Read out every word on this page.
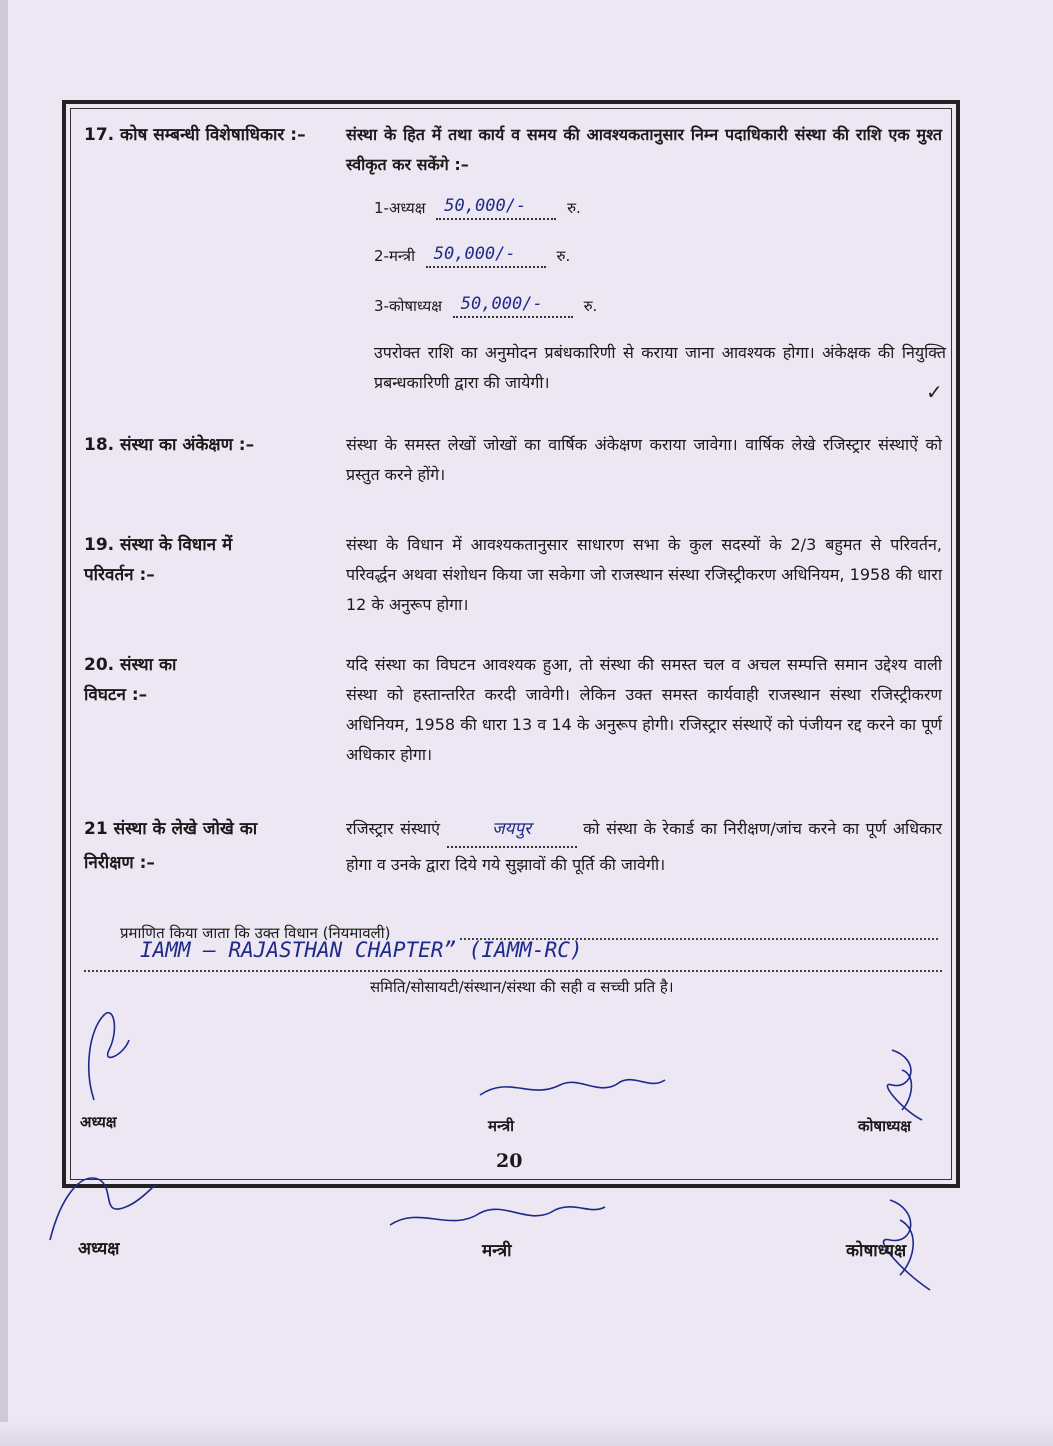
17. कोष सम्बन्धी विशेषाधिकार :–	संस्था के हित में तथा कार्य व समय की आवश्यकतानुसार निम्न पदाधिकारी संस्था की राशि एक मुश्त स्वीकृत कर सकेंगे :–
1-अध्यक्ष 50,000/-	रु.
2-मन्त्री 50,000/-	रु.
3-कोषाध्यक्ष 50,000/-	रु.
उपरोक्त राशि का अनुमोदन प्रबंधकारिणी से कराया जाना आवश्यक होगा। अंकेक्षक की नियुक्ति प्रबन्धकारिणी द्वारा की जायेगी।	✓
18. संस्था का अंकेक्षण :–	संस्था के समस्त लेखों जोखों का वार्षिक अंकेक्षण कराया जावेगा। वार्षिक लेखे रजिस्ट्रार संस्थाऐं को प्रस्तुत करने होंगे।
19. संस्था के विधान में परिवर्तन :–
संस्था के विधान में आवश्यकतानुसार साधारण सभा के कुल सदस्यों के 2/3 बहुमत से परिवर्तन, परिवर्द्धन अथवा संशोधन किया जा सकेगा जो राजस्थान संस्था रजिस्ट्रीकरण अधिनियम, 1958 की धारा 12 के अनुरूप होगा।
20. संस्था का विघटन :–
यदि संस्था का विघटन आवश्यक हुआ, तो संस्था की समस्त चल व अचल सम्पत्ति समान उद्देश्य वाली संस्था को हस्तान्तरित करदी जावेगी। लेकिन उक्त समस्त कार्यवाही राजस्थान संस्था रजिस्ट्रीकरण अधिनियम, 1958 की धारा 13 व 14 के अनुरूप होगी। रजिस्ट्रार संस्थाऐं को पंजीयन रद्द करने का पूर्ण अधिकार होगा।
21 संस्था के लेखे जोखे का निरीक्षण :–
रजिस्ट्रार संस्थाएं	जयपुर	को संस्था के रेकार्ड का निरीक्षण/जांच करने का पूर्ण अधिकार होगा व उनके द्वारा दिये गये सुझावों की पूर्ति की जावेगी।
प्रमाणित किया जाता कि उक्त विधान (नियमावली)
IAMM – RAJASTHAN CHAPTER” (IAMM-RC)
समिति/सोसायटी/संस्थान/संस्था की सही व सच्ची प्रति है।
अध्यक्ष	मन्त्री	कोषाध्यक्ष
20
अध्यक्ष	मन्त्री	कोषाध्यक्ष
